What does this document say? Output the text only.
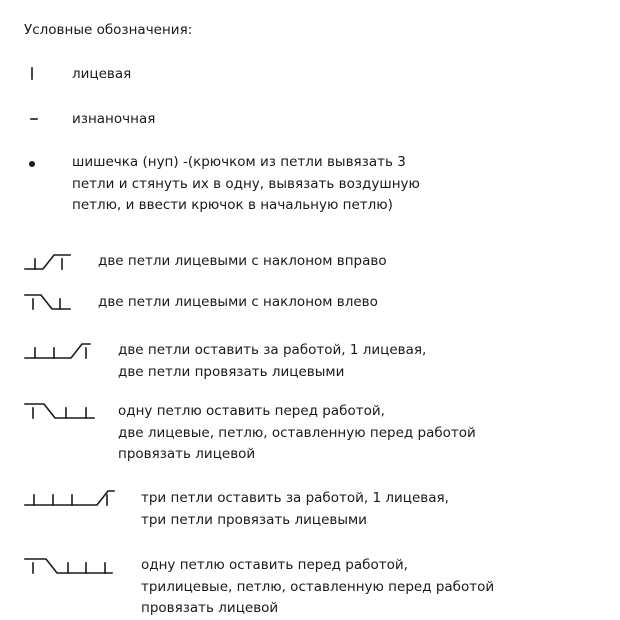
Условные обозначения:
лицевая
изнаночная
шишечка (нуп) -(крючком из петли вывязать 3
петли и стянуть их в одну, вывязать воздушную
петлю, и ввести крючок в начальную петлю)
две петли лицевыми с наклоном вправо
две петли лицевыми с наклоном влево
две петли оставить за работой, 1 лицевая,
две петли провязать лицевыми
одну петлю оставить перед работой,
две лицевые, петлю, оставленную перед работой
провязать лицевой
три петли оставить за работой, 1 лицевая,
три петли провязать лицевыми
одну петлю оставить перед работой,
трилицевые, петлю, оставленную перед работой
провязать лицевой
